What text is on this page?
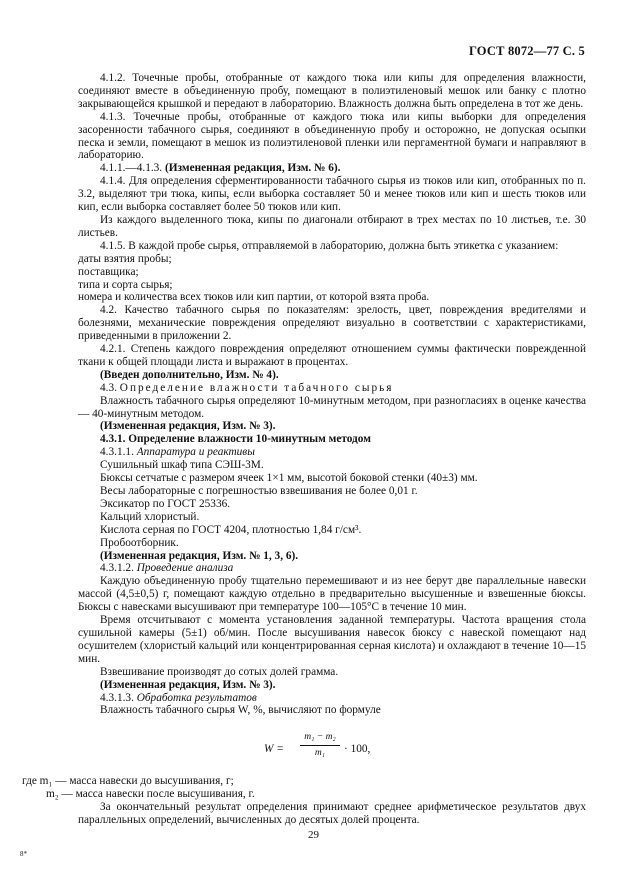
ГОСТ 8072—77 С. 5

4.1.2. Точечные пробы, отобранные от каждого тюка или кипы для определения влажности, соединяют вместе в объединенную пробу, помещают в полиэтиленовый мешок или банку с плотно закрывающейся крышкой и передают в лабораторию. Влажность должна быть определена в тот же день.

4.1.3. Точечные пробы, отобранные от каждого тюка или кипы выборки для определения засоренности табачного сырья, соединяют в объединенную пробу и осторожно, не допуская осыпки песка и земли, помещают в мешок из полиэтиленовой пленки или пергаментной бумаги и направляют в лабораторию.

4.1.1.—4.1.3. (Измененная редакция, Изм. № 6).

4.1.4. Для определения сферментированности табачного сырья из тюков или кип, отобранных по п. 3.2, выделяют три тюка, кипы, если выборка составляет 50 и менее тюков или кип и шесть тюков или кип, если выборка составляет более 50 тюков или кип.

Из каждого выделенного тюка, кипы по диагонали отбирают в трех местах по 10 листьев, т.е. 30 листьев.

4.1.5. В каждой пробе сырья, отправляемой в лабораторию, должна быть этикетка с указанием:

даты взятия пробы;

поставщика;

типа и сорта сырья;

номера и количества всех тюков или кип партии, от которой взята проба.

4.2. Качество табачного сырья по показателям: зрелость, цвет, повреждения вредителями и болезнями, механические повреждения определяют визуально в соответствии с характеристиками, приведенными в приложении 2.

4.2.1. Степень каждого повреждения определяют отношением суммы фактически поврежденной ткани к общей площади листа и выражают в процентах.

(Введен дополнительно, Изм. № 4).

4.3. Определение влажности табачного сырья

Влажность табачного сырья определяют 10-минутным методом, при разногласиях в оценке качества — 40-минутным методом.

(Измененная редакция, Изм. № 3).

4.3.1. Определение влажности 10-минутным методом

4.3.1.1. Аппаратура и реактивы

Сушильный шкаф типа СЭШ-3М.

Бюксы сетчатые с размером ячеек 1×1 мм, высотой боковой стенки (40±3) мм.

Весы лабораторные с погрешностью взвешивания не более 0,01 г.

Эксикатор по ГОСТ 25336.

Кальций хлористый.

Кислота серная по ГОСТ 4204, плотностью 1,84 г/см³.

Пробоотборник.

(Измененная редакция, Изм. № 1, 3, 6).

4.3.1.2. Проведение анализа

Каждую объединенную пробу тщательно перемешивают и из нее берут две параллельные навески массой (4,5±0,5) г, помещают каждую отдельно в предварительно высушенные и взвешенные бюксы. Бюксы с навесками высушивают при температуре 100—105°С в течение 10 мин.

Время отсчитывают с момента установления заданной температуры. Частота вращения стола сушильной камеры (5±1) об/мин. После высушивания навесок бюксу с навеской помещают над осушителем (хлористый кальций или концентрированная серная кислота) и охлаждают в течение 10—15 мин.

Взвешивание производят до сотых долей грамма.

(Измененная редакция, Изм. № 3).

4.3.1.3. Обработка результатов

Влажность табачного сырья W, %, вычисляют по формуле

$W = \frac{\text{m₁ − m₂}}{\text{m₁}} \cdot 100$,

где m₁ — масса навески до высушивания, г;

m₂ — масса навески после высушивания, г.

За окончательный результат определения принимают среднее арифметическое результатов двух параллельных определений, вычисленных до десятых долей процента.

29
8*
